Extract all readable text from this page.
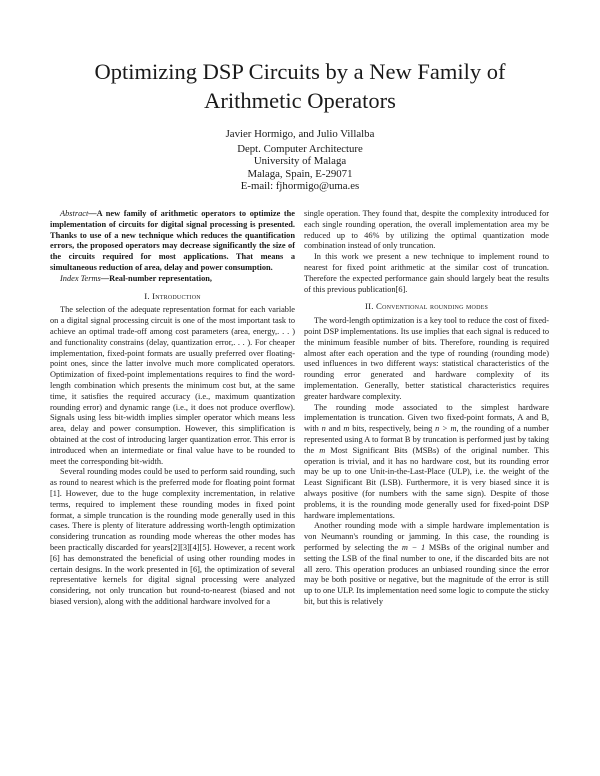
Optimizing DSP Circuits by a New Family of
Arithmetic Operators
Javier Hormigo, and Julio Villalba
Dept. Computer Architecture
University of Malaga
Malaga, Spain, E-29071
E-mail: fjhormigo@uma.es

Abstract—A new family of arithmetic operators to optimize the implementation of circuits for digital signal processing is presented. Thanks to use of a new technique which reduces the quantification errors, the proposed operators may decrease significantly the size of the circuits required for most applications. That means a simultaneous reduction of area, delay and power consumption.

Index Terms—Real-number representation,

I. Introduction

The selection of the adequate representation format for each variable on a digital signal processing circuit is one of the most important task to achieve an optimal trade-off among cost parameters (area, energy,. . . ) and functionality constrains (delay, quantization error,. . . ). For cheaper implementation, fixed-point formats are usually preferred over floating-point ones, since the latter involve much more complicated operators. Optimization of fixed-point implementations requires to find the word-length combination which presents the minimum cost but, at the same time, it satisfies the required accuracy (i.e., maximum quantization rounding error) and dynamic range (i.e., it does not produce overflow). Signals using less bit-width implies simpler operator which means less area, delay and power consumption. However, this simplification is obtained at the cost of introducing larger quantization error. This error is introduced when an intermediate or final value have to be rounded to meet the corresponding bit-width.

Several rounding modes could be used to perform said rounding, such as round to nearest which is the preferred mode for floating point format [1]. However, due to the huge complexity incrementation, in relative terms, required to implement these rounding modes in fixed point format, a simple truncation is the rounding mode generally used in this cases. There is plenty of literature addressing worth-length optimization considering truncation as rounding mode whereas the other modes has been practically discarded for years[2][3][4][5]. However, a recent work [6] has demonstrated the beneficial of using other rounding modes in certain designs. In the work presented in [6], the optimization of several representative kernels for digital signal processing were analyzed considering, not only truncation but round-to-nearest (biased and not biased version), along with the additional hardware involved for a

single operation. They found that, despite the complexity introduced for each single rounding operation, the overall implementation area my be reduced up to 46% by utilizing the optimal quantization mode combination instead of only truncation.

In this work we present a new technique to implement round to nearest for fixed point arithmetic at the similar cost of truncation. Therefore the expected performance gain should largely beat the results of this previous publication[6].

II. Conventional rounding modes

The word-length optimization is a key tool to reduce the cost of fixed-point DSP implementations. Its use implies that each signal is reduced to the minimum feasible number of bits. Therefore, rounding is required almost after each operation and the type of rounding (rounding mode) used influences in two different ways: statistical characteristics of the rounding error generated and hardware complexity of its implementation. Generally, better statistical characteristics requires greater hardware complexity.

The rounding mode associated to the simplest hardware implementation is truncation. Given two fixed-point formats, A and B, with n and m bits, respectively, being n > m, the rounding of a number represented using A to format B by truncation is performed just by taking the m Most Significant Bits (MSBs) of the original number. This operation is trivial, and it has no hardware cost, but its rounding error may be up to one Unit-in-the-Last-Place (ULP), i.e. the weight of the Least Significant Bit (LSB). Furthermore, it is very biased since it is always positive (for numbers with the same sign). Despite of those problems, it is the rounding mode generally used for fixed-point DSP hardware implementations.

Another rounding mode with a simple hardware implementation is von Neumann's rounding or jamming. In this case, the rounding is performed by selecting the m − 1 MSBs of the original number and setting the LSB of the final number to one, if the discarded bits are not all zero. This operation produces an unbiased rounding since the error may be both positive or negative, but the magnitude of the error is still up to one ULP. Its implementation need some logic to compute the sticky bit, but this is relatively
